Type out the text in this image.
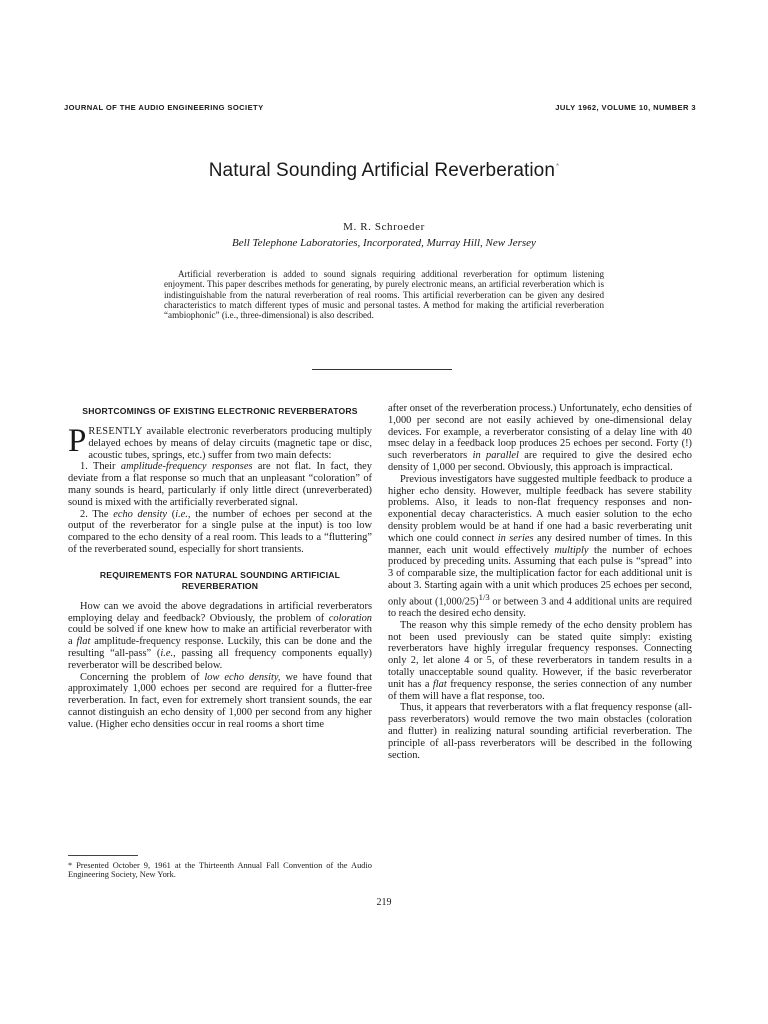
JOURNAL OF THE AUDIO ENGINEERING SOCIETY	JULY 1962, VOLUME 10, NUMBER 3
Natural Sounding Artificial Reverberation*
M. R. Schroeder
Bell Telephone Laboratories, Incorporated, Murray Hill, New Jersey

Artificial reverberation is added to sound signals requiring additional reverberation for optimum listening enjoyment. This paper describes methods for generating, by purely electronic means, an artificial reverberation which is indistinguishable from the natural reverberation of real rooms. This artificial reverberation can be given any desired characteristics to match different types of music and personal tastes. A method for making the artificial reverberation “ambiophonic” (i.e., three-dimensional) is also described.

SHORTCOMINGS OF EXISTING ELECTRONIC REVERBERATORS

PRESENTLY available electronic reverberators producing multiply delayed echoes by means of delay circuits (magnetic tape or disc, acoustic tubes, springs, etc.) suffer from two main defects:

1. Their amplitude-frequency responses are not flat. In fact, they deviate from a flat response so much that an unpleasant “coloration” of many sounds is heard, particularly if only little direct (unreverberated) sound is mixed with the artificially reverberated signal.

2. The echo density (i.e., the number of echoes per second at the output of the reverberator for a single pulse at the input) is too low compared to the echo density of a real room. This leads to a “fluttering” of the reverberated sound, especially for short transients.

REQUIREMENTS FOR NATURAL SOUNDING ARTIFICIAL REVERBERATION

How can we avoid the above degradations in artificial reverberators employing delay and feedback? Obviously, the problem of coloration could be solved if one knew how to make an artificial reverberator with a flat amplitude-frequency response. Luckily, this can be done and the resulting “all-pass” (i.e., passing all frequency components equally) reverberator will be described below.

Concerning the problem of low echo density, we have found that approximately 1,000 echoes per second are required for a flutter-free reverberation. In fact, even for extremely short transient sounds, the ear cannot distinguish an echo density of 1,000 per second from any higher value. (Higher echo densities occur in real rooms a short time

after onset of the reverberation process.) Unfortunately, echo densities of 1,000 per second are not easily achieved by one-dimensional delay devices. For example, a reverberator consisting of a delay line with 40 msec delay in a feedback loop produces 25 echoes per second. Forty (!) such reverberators in parallel are required to give the desired echo density of 1,000 per second. Obviously, this approach is impractical.

Previous investigators have suggested multiple feedback to produce a higher echo density. However, multiple feedback has severe stability problems. Also, it leads to non-flat frequency responses and non-exponential decay characteristics. A much easier solution to the echo density problem would be at hand if one had a basic reverberating unit which one could connect in series any desired number of times. In this manner, each unit would effectively multiply the number of echoes produced by preceding units. Assuming that each pulse is “spread” into 3 of comparable size, the multiplication factor for each additional unit is about 3. Starting again with a unit which produces 25 echoes per second, only about $(1,000/25)^{1/3}$ or between 3 and 4 additional units are required to reach the desired echo density.

The reason why this simple remedy of the echo density problem has not been used previously can be stated quite simply: existing reverberators have highly irregular frequency responses. Connecting only 2, let alone 4 or 5, of these reverberators in tandem results in a totally unacceptable sound quality. However, if the basic reverberator unit has a flat frequency response, the series connection of any number of them will have a flat response, too.

Thus, it appears that reverberators with a flat frequency response (all-pass reverberators) would remove the two main obstacles (coloration and flutter) in realizing natural sounding artificial reverberation. The principle of all-pass reverberators will be described in the following section.

* Presented October 9, 1961 at the Thirteenth Annual Fall Convention of the Audio Engineering Society, New York.
219
